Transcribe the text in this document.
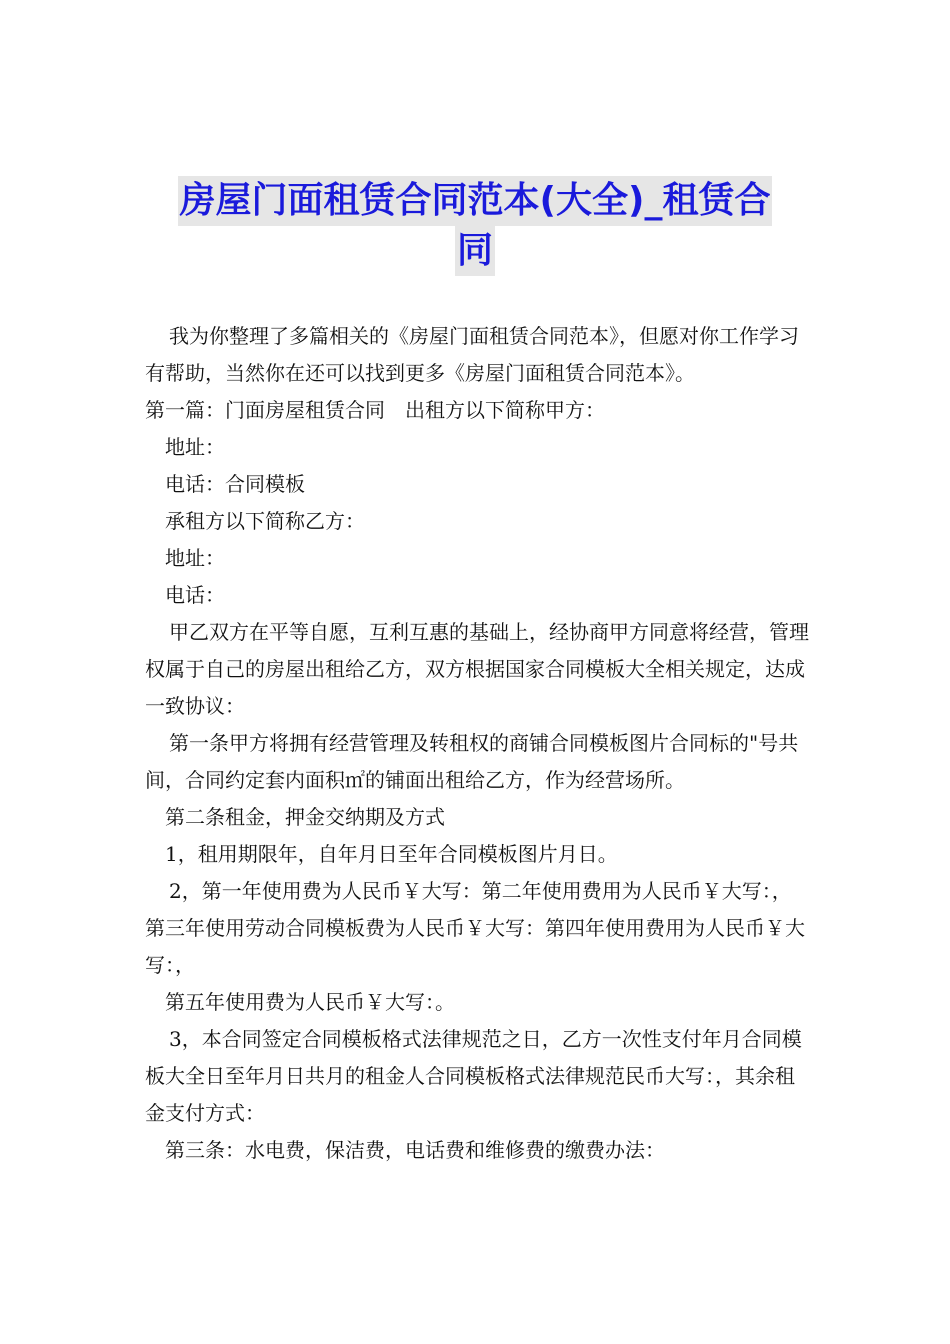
房屋门面租赁合同范本(大全)_租赁合
同

我为你整理了多篇相关的《房屋门面租赁合同范本》，但愿对你工作学习有帮助，当然你在还可以找到更多《房屋门面租赁合同范本》。

第一篇：门面房屋租赁合同　出租方以下简称甲方：

地址：

电话：合同模板

承租方以下简称乙方：

地址：

电话：

甲乙双方在平等自愿，互利互惠的基础上，经协商甲方同意将经营，管理权属于自己的房屋出租给乙方，双方根据国家合同模板大全相关规定，达成一致协议：

第一条甲方将拥有经营管理及转租权的商铺合同模板图片合同标的"号共间，合同约定套内面积㎡的铺面出租给乙方，作为经营场所。

第二条租金，押金交纳期及方式

1，租用期限年，自年月日至年合同模板图片月日。

2，第一年使用费为人民币￥大写：第二年使用费用为人民币￥大写：，第三年使用劳动合同模板费为人民币￥大写：第四年使用费用为人民币￥大写：，

第五年使用费为人民币￥大写：。

3，本合同签定合同模板格式法律规范之日，乙方一次性支付年月合同模板大全日至年月日共月的租金人合同模板格式法律规范民币大写：，其余租金支付方式：

第三条：水电费，保洁费，电话费和维修费的缴费办法：
